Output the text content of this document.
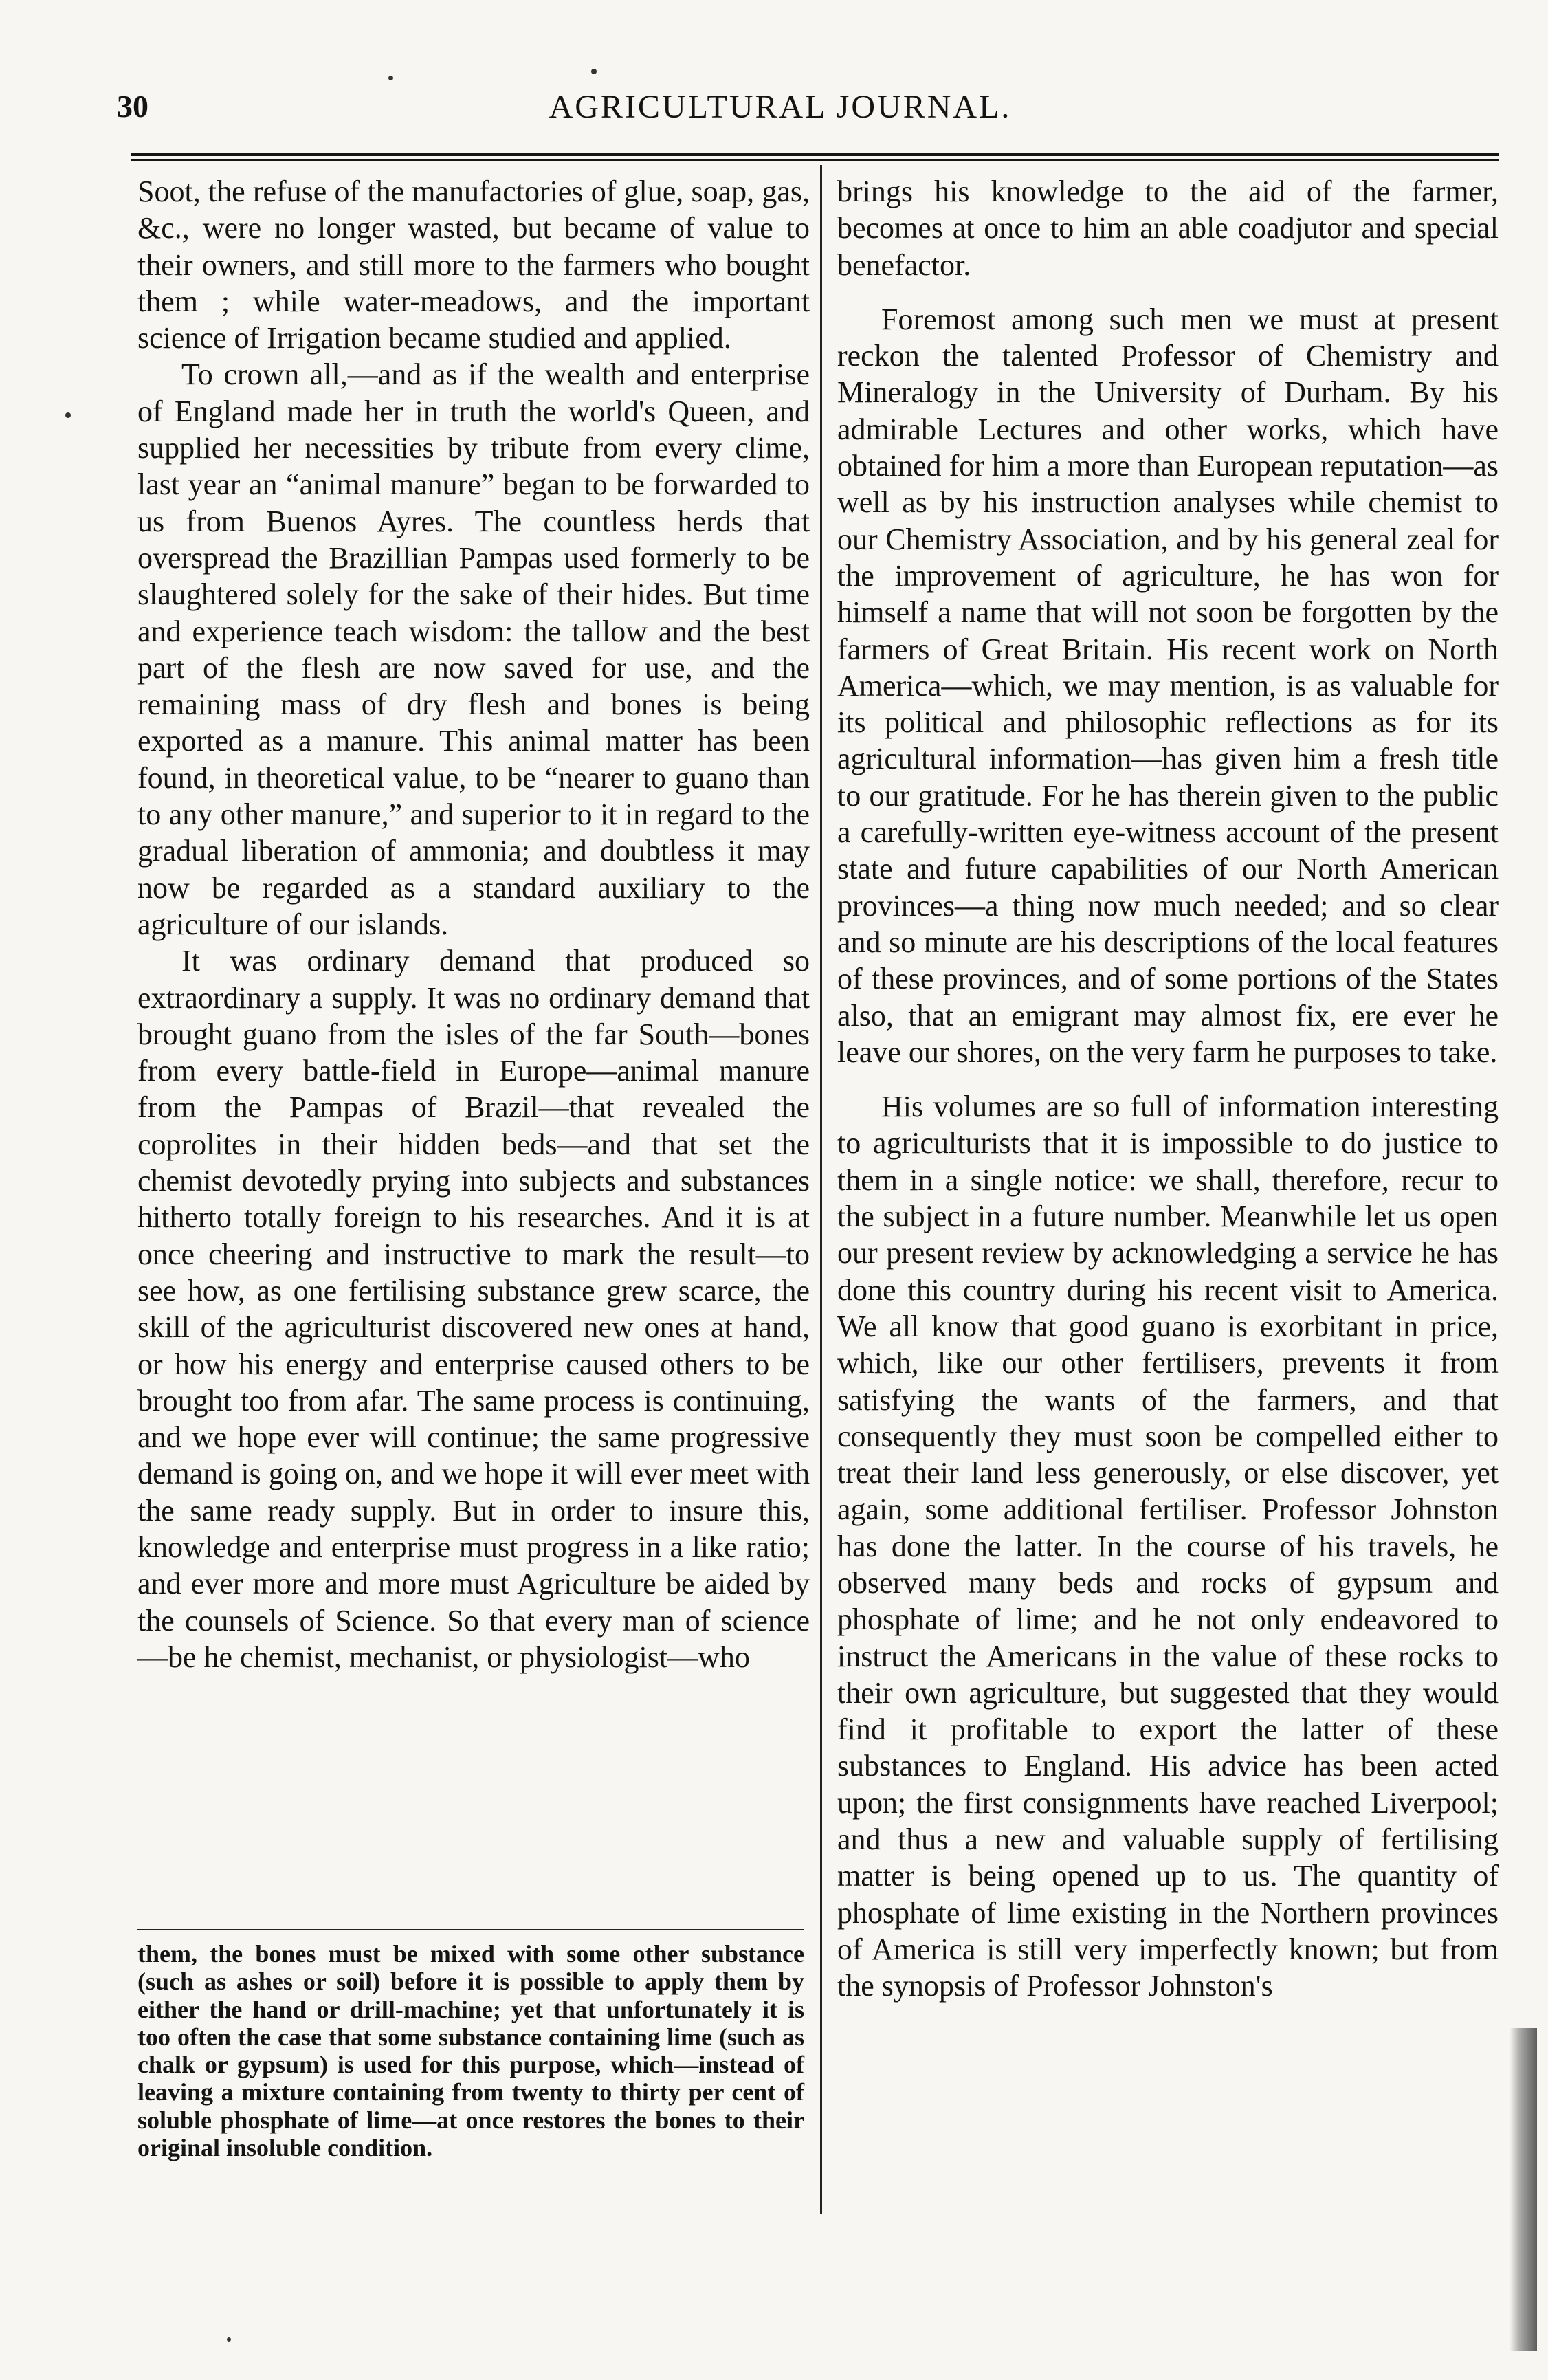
30	AGRICULTURAL JOURNAL.

Soot, the refuse of the manufactories of glue, soap, gas, &c., were no longer wasted, but became of value to their owners, and still more to the farmers who bought them ; while water-meadows, and the important science of Irrigation became studied and applied.

To crown all,—and as if the wealth and enterprise of England made her in truth the world's Queen, and supplied her necessities by tribute from every clime, last year an “animal manure” began to be forwarded to us from Buenos Ayres. The countless herds that overspread the Brazillian Pampas used formerly to be slaughtered solely for the sake of their hides. But time and experience teach wisdom: the tallow and the best part of the flesh are now saved for use, and the remaining mass of dry flesh and bones is being exported as a manure. This animal matter has been found, in theoretical value, to be “nearer to guano than to any other manure,” and superior to it in regard to the gradual liberation of ammonia; and doubtless it may now be regarded as a standard auxiliary to the agriculture of our islands.

It was ordinary demand that produced so extraordinary a supply. It was no ordinary demand that brought guano from the isles of the far South—bones from every battle-field in Europe—animal manure from the Pampas of Brazil—that revealed the coprolites in their hidden beds—and that set the chemist devotedly prying into subjects and substances hitherto totally foreign to his researches. And it is at once cheering and instructive to mark the result—to see how, as one fertilising substance grew scarce, the skill of the agriculturist discovered new ones at hand, or how his energy and enterprise caused others to be brought too from afar. The same process is continuing, and we hope ever will continue; the same progressive demand is going on, and we hope it will ever meet with the same ready supply. But in order to insure this, knowledge and enterprise must progress in a like ratio; and ever more and more must Agriculture be aided by the counsels of Science. So that every man of science—be he chemist, mechanist, or physiologist—who

them, the bones must be mixed with some other substance (such as ashes or soil) before it is possible to apply them by either the hand or drill-machine; yet that unfortunately it is too often the case that some substance containing lime (such as chalk or gypsum) is used for this purpose, which—instead of leaving a mixture containing from twenty to thirty per cent of soluble phosphate of lime—at once restores the bones to their original insoluble condition.

brings his knowledge to the aid of the farmer, becomes at once to him an able coadjutor and special benefactor.

Foremost among such men we must at present reckon the talented Professor of Chemistry and Mineralogy in the University of Durham. By his admirable Lectures and other works, which have obtained for him a more than European reputation—as well as by his instruction analyses while chemist to our Chemistry Association, and by his general zeal for the improvement of agriculture, he has won for himself a name that will not soon be forgotten by the farmers of Great Britain. His recent work on North America—which, we may mention, is as valuable for its political and philosophic reflections as for its agricultural information—has given him a fresh title to our gratitude. For he has therein given to the public a carefully-written eye-witness account of the present state and future capabilities of our North American provinces—a thing now much needed; and so clear and so minute are his descriptions of the local features of these provinces, and of some portions of the States also, that an emigrant may almost fix, ere ever he leave our shores, on the very farm he purposes to take.

His volumes are so full of information interesting to agriculturists that it is impossible to do justice to them in a single notice: we shall, therefore, recur to the subject in a future number. Meanwhile let us open our present review by acknowledging a service he has done this country during his recent visit to America. We all know that good guano is exorbitant in price, which, like our other fertilisers, prevents it from satisfying the wants of the farmers, and that consequently they must soon be compelled either to treat their land less generously, or else discover, yet again, some additional fertiliser. Professor Johnston has done the latter. In the course of his travels, he observed many beds and rocks of gypsum and phosphate of lime; and he not only endeavored to instruct the Americans in the value of these rocks to their own agriculture, but suggested that they would find it profitable to export the latter of these substances to England. His advice has been acted upon; the first consignments have reached Liverpool; and thus a new and valuable supply of fertilising matter is being opened up to us. The quantity of phosphate of lime existing in the Northern provinces of America is still very imperfectly known; but from the synopsis of Professor Johnston's
